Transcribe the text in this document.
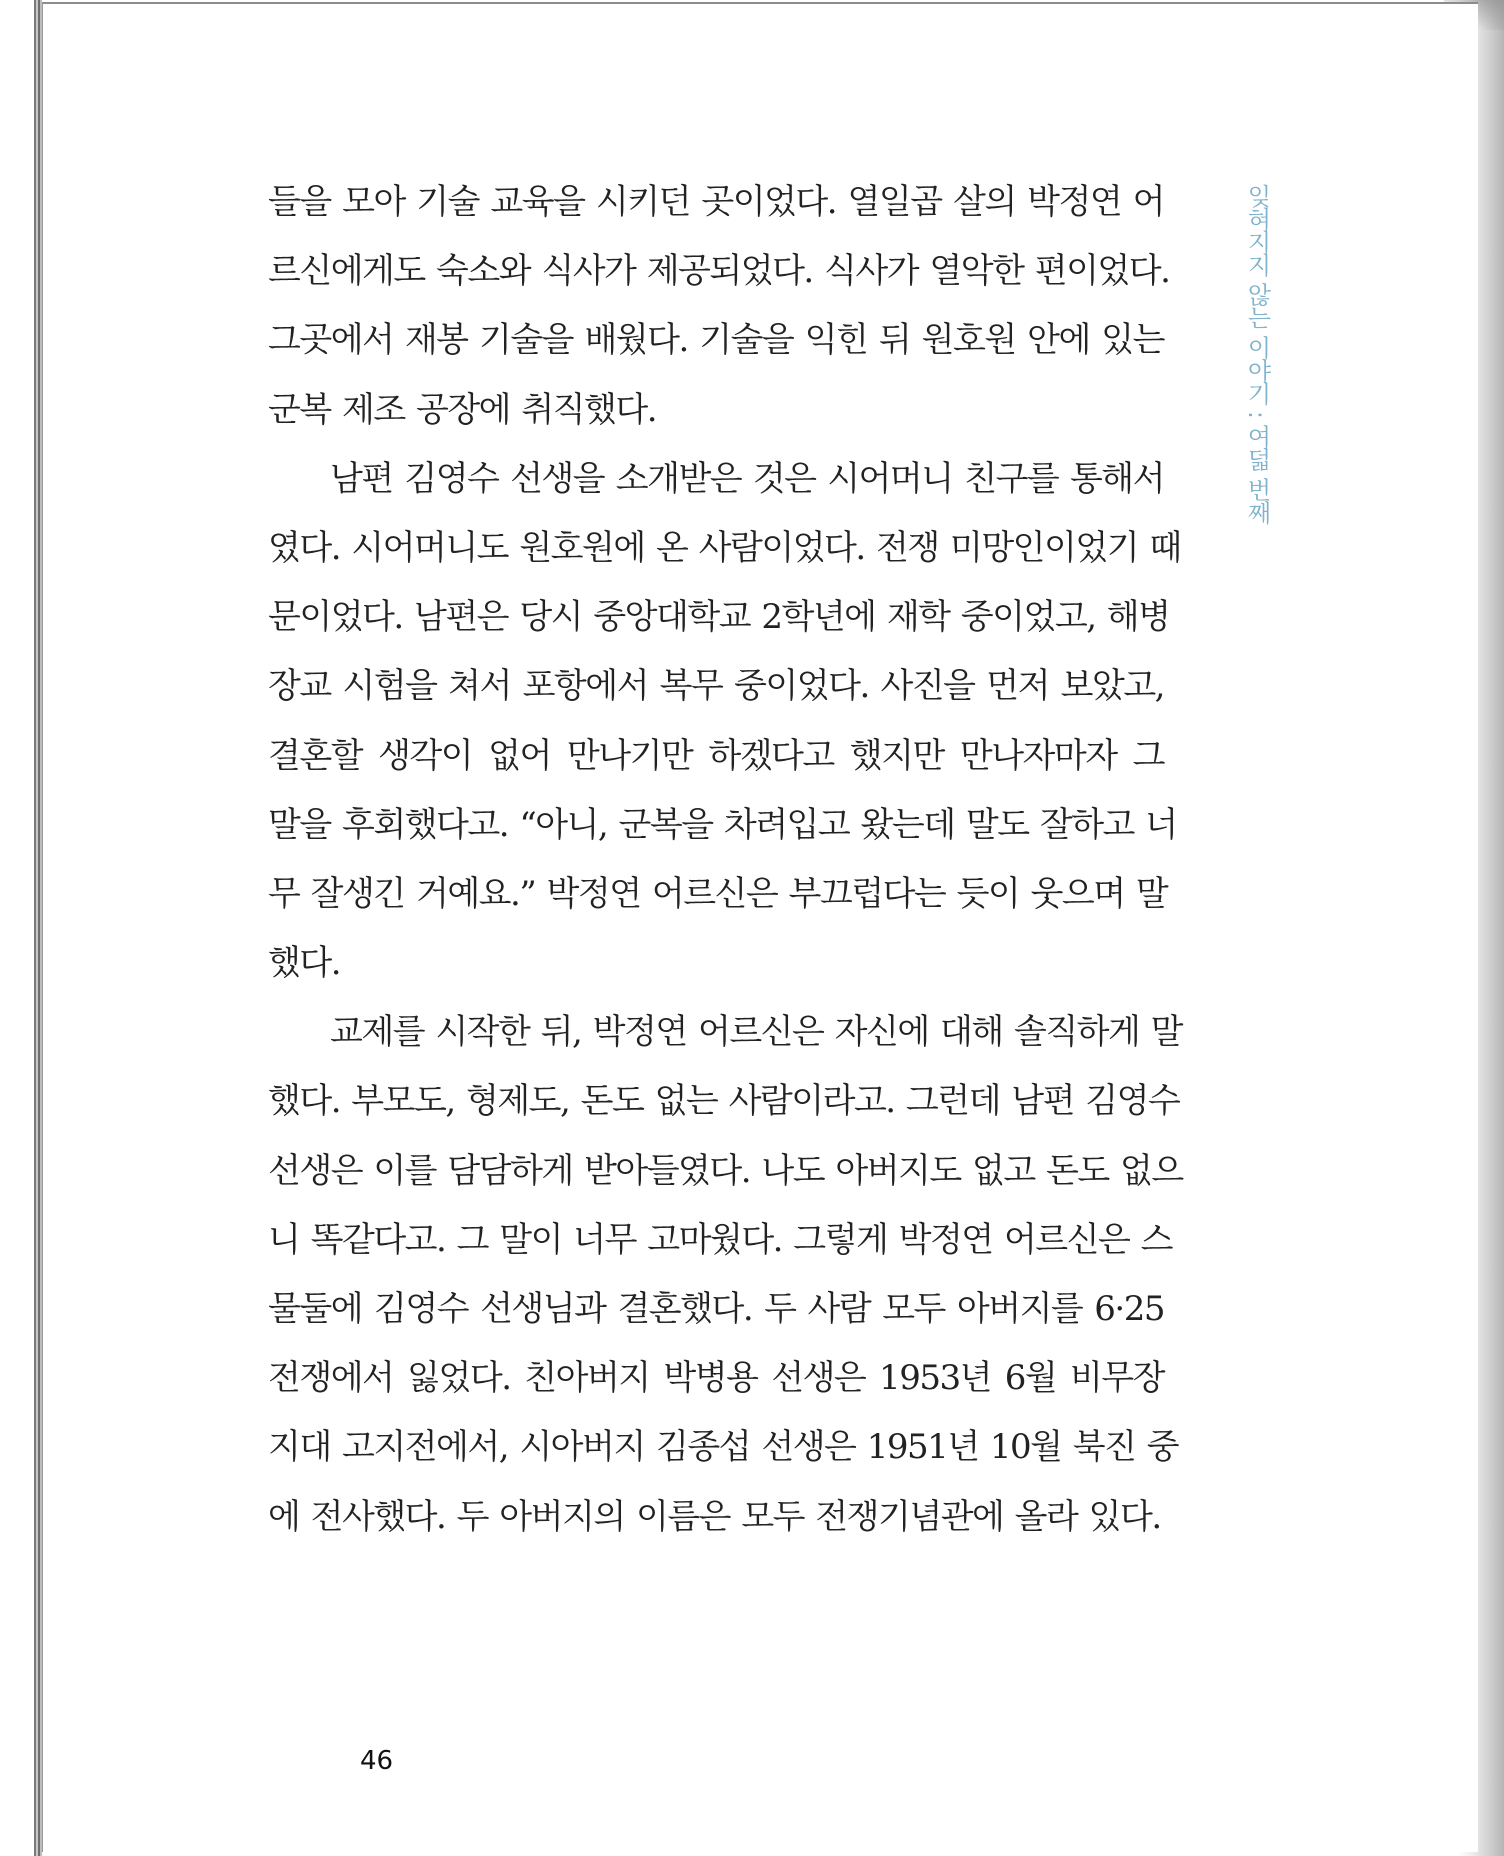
들을 모아 기술 교육을 시키던 곳이었다. 열일곱 살의 박정연 어
르신에게도 숙소와 식사가 제공되었다. 식사가 열악한 편이었다.
그곳에서 재봉 기술을 배웠다. 기술을 익힌 뒤 원호원 안에 있는
군복 제조 공장에 취직했다.
남편 김영수 선생을 소개받은 것은 시어머니 친구를 통해서
였다. 시어머니도 원호원에 온 사람이었다. 전쟁 미망인이었기 때
문이었다. 남편은 당시 중앙대학교 2학년에 재학 중이었고, 해병
장교 시험을 쳐서 포항에서 복무 중이었다. 사진을 먼저 보았고,
결혼할 생각이 없어 만나기만 하겠다고 했지만 만나자마자 그
말을 후회했다고. “아니, 군복을 차려입고 왔는데 말도 잘하고 너
무 잘생긴 거예요.” 박정연 어르신은 부끄럽다는 듯이 웃으며 말
했다.
교제를 시작한 뒤, 박정연 어르신은 자신에 대해 솔직하게 말
했다. 부모도, 형제도, 돈도 없는 사람이라고. 그런데 남편 김영수
선생은 이를 담담하게 받아들였다. 나도 아버지도 없고 돈도 없으
니 똑같다고. 그 말이 너무 고마웠다. 그렇게 박정연 어르신은 스
물둘에 김영수 선생님과 결혼했다. 두 사람 모두 아버지를 6·25
전쟁에서 잃었다. 친아버지 박병용 선생은 1953년 6월 비무장
지대 고지전에서, 시아버지 김종섭 선생은 1951년 10월 북진 중
에 전사했다. 두 아버지의 이름은 모두 전쟁기념관에 올라 있다.
잊혀지지 않는 이야기 : 여덟 번째
46
